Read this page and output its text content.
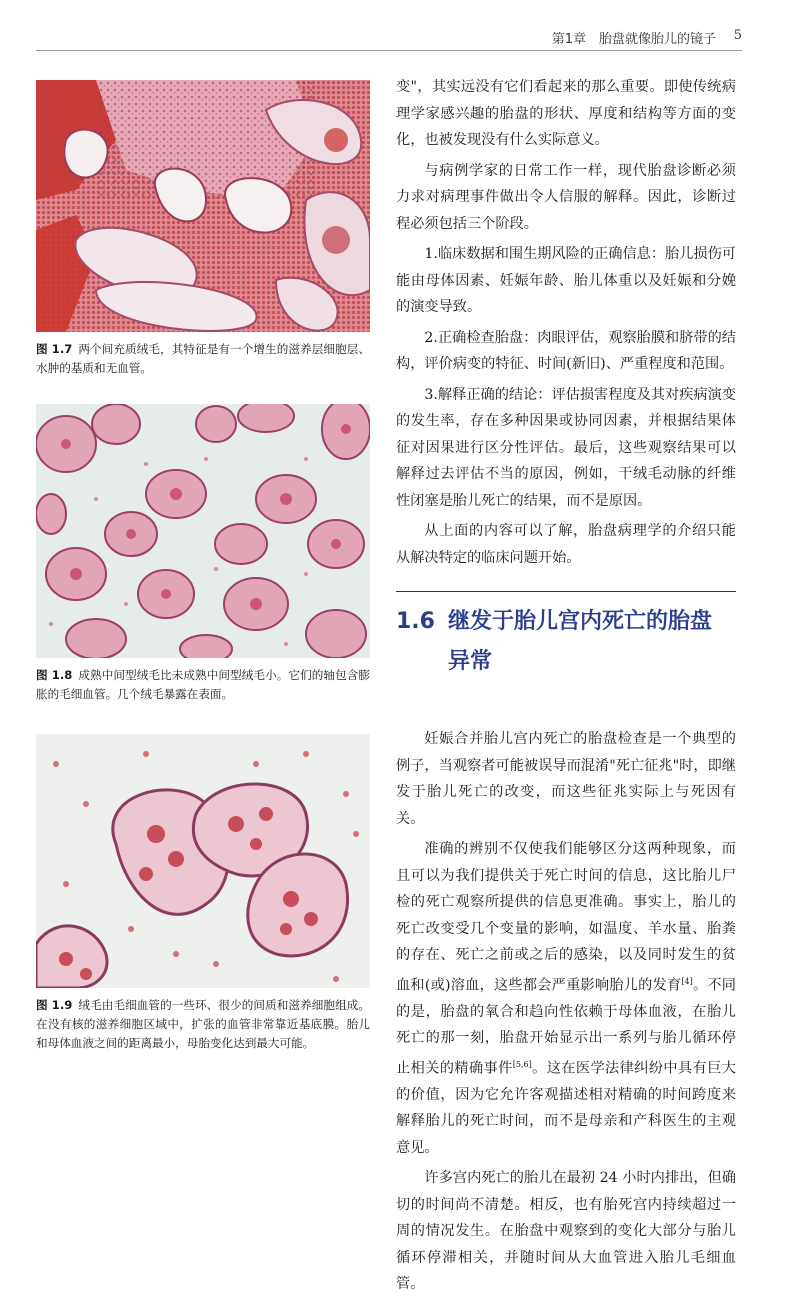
第1章　胎盘就像胎儿的镜子 5
图 1.7 两个间充质绒毛，其特征是有一个增生的滋养层细胞层、水肿的基质和无血管。
图 1.8 成熟中间型绒毛比未成熟中间型绒毛小。它们的轴包含膨胀的毛细血管。几个绒毛暴露在表面。
图 1.9 绒毛由毛细血管的一些环、很少的间质和滋养细胞组成。在没有核的滋养细胞区域中，扩张的血管非常靠近基底膜。胎儿和母体血液之间的距离最小，母胎变化达到最大可能。

变"，其实远没有它们看起来的那么重要。即使传统病理学家感兴趣的胎盘的形状、厚度和结构等方面的变化，也被发现没有什么实际意义。

与病例学家的日常工作一样，现代胎盘诊断必须力求对病理事件做出令人信服的解释。因此，诊断过程必须包括三个阶段。

1.临床数据和围生期风险的正确信息：胎儿损伤可能由母体因素、妊娠年龄、胎儿体重以及妊娠和分娩的演变导致。

2.正确检查胎盘：肉眼评估，观察胎膜和脐带的结构，评价病变的特征、时间(新旧)、严重程度和范围。

3.解释正确的结论：评估损害程度及其对疾病演变的发生率，存在多种因果或协同因素，并根据结果体征对因果进行区分性评估。最后，这些观察结果可以解释过去评估不当的原因，例如，干绒毛动脉的纤维性闭塞是胎儿死亡的结果，而不是原因。

从上面的内容可以了解，胎盘病理学的介绍只能从解决特定的临床问题开始。

1.6 继发于胎儿宫内死亡的胎盘
异常

妊娠合并胎儿宫内死亡的胎盘检查是一个典型的例子，当观察者可能被误导而混淆"死亡征兆"时，即继发于胎儿死亡的改变，而这些征兆实际上与死因有关。

准确的辨别不仅使我们能够区分这两种现象，而且可以为我们提供关于死亡时间的信息，这比胎儿尸检的死亡观察所提供的信息更准确。事实上，胎儿的死亡改变受几个变量的影响，如温度、羊水量、胎粪的存在、死亡之前或之后的感染，以及同时发生的贫血和(或)溶血，这些都会严重影响胎儿的发育[4]。不同的是，胎盘的氧合和趋向性依赖于母体血液，在胎儿死亡的那一刻，胎盘开始显示出一系列与胎儿循环停止相关的精确事件[5,6]。这在医学法律纠纷中具有巨大的价值，因为它允许客观描述相对精确的时间跨度来解释胎儿的死亡时间，而不是母亲和产科医生的主观意见。

许多宫内死亡的胎儿在最初 24 小时内排出，但确切的时间尚不清楚。相反，也有胎死宫内持续超过一周的情况发生。在胎盘中观察到的变化大部分与胎儿循环停滞相关，并随时间从大血管进入胎儿毛细血管。
